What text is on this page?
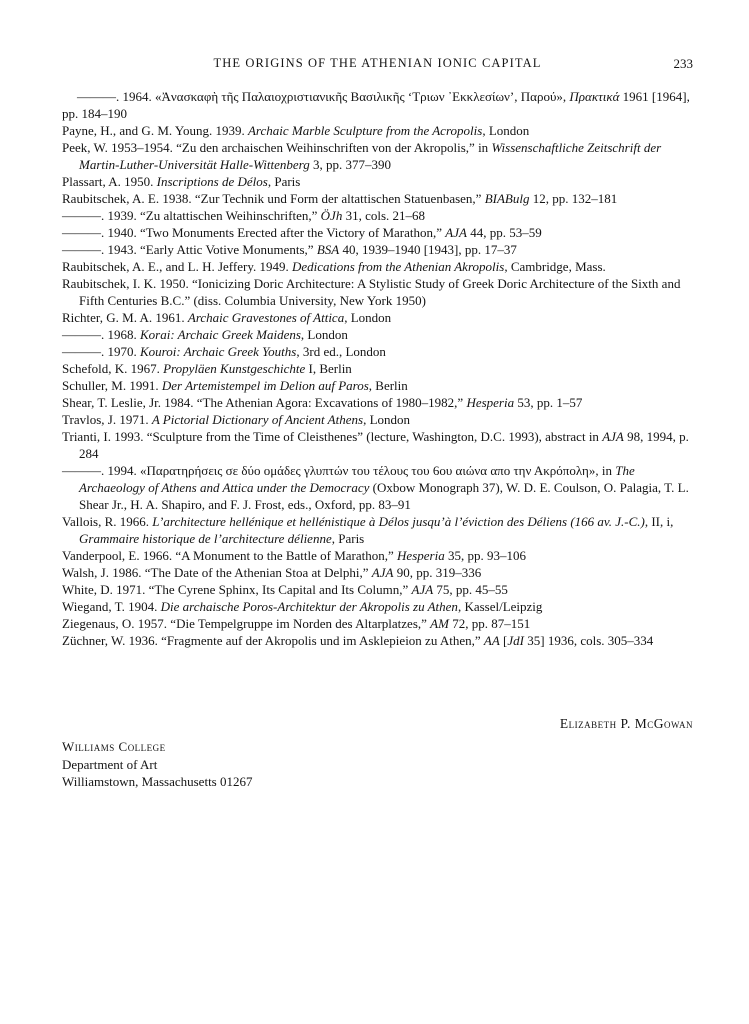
THE ORIGINS OF THE ATHENIAN IONIC CAPITAL	233

———. 1964. «Ἀνασκαφὴ τῆς Παλαιοχριστιανικῆς Βασιλικῆς ‘Τριων ᾽Εκκλεσίων’, Παρού», Πρακτικά 1961 [1964], pp. 184–190

Payne, H., and G. M. Young. 1939. Archaic Marble Sculpture from the Acropolis, London

Peek, W. 1953–1954. “Zu den archaischen Weihinschriften von der Akropolis,” in Wissenschaftliche Zeitschrift der Martin-Luther-Universität Halle-Wittenberg 3, pp. 377–390

Plassart, A. 1950. Inscriptions de Délos, Paris

Raubitschek, A. E. 1938. “Zur Technik und Form der altattischen Statuenbasen,” BIABulg 12, pp. 132–181

———. 1939. “Zu altattischen Weihinschriften,” ÖJh 31, cols. 21–68

———. 1940. “Two Monuments Erected after the Victory of Marathon,” AJA 44, pp. 53–59

———. 1943. “Early Attic Votive Monuments,” BSA 40, 1939–1940 [1943], pp. 17–37

Raubitschek, A. E., and L. H. Jeffery. 1949. Dedications from the Athenian Akropolis, Cambridge, Mass.

Raubitschek, I. K. 1950. “Ionicizing Doric Architecture: A Stylistic Study of Greek Doric Architecture of the Sixth and Fifth Centuries B.C.” (diss. Columbia University, New York 1950)

Richter, G. M. A. 1961. Archaic Gravestones of Attica, London

———. 1968. Korai: Archaic Greek Maidens, London

———. 1970. Kouroi: Archaic Greek Youths, 3rd ed., London

Schefold, K. 1967. Propyläen Kunstgeschichte I, Berlin

Schuller, M. 1991. Der Artemistempel im Delion auf Paros, Berlin

Shear, T. Leslie, Jr. 1984. “The Athenian Agora: Excavations of 1980–1982,” Hesperia 53, pp. 1–57

Travlos, J. 1971. A Pictorial Dictionary of Ancient Athens, London

Trianti, I. 1993. “Sculpture from the Time of Cleisthenes” (lecture, Washington, D.C. 1993), abstract in AJA 98, 1994, p. 284

———. 1994. «Παρατηρήσεις σε δύο ομάδες γλυπτών του τέλους του 6ου αιώνα απο την Ακρόπολη», in The Archaeology of Athens and Attica under the Democracy (Oxbow Monograph 37), W. D. E. Coulson, O. Palagia, T. L. Shear Jr., H. A. Shapiro, and F. J. Frost, eds., Oxford, pp. 83–91

Vallois, R. 1966. L’architecture hellénique et hellénistique à Délos jusqu’à l’éviction des Déliens (166 av. J.-C.), II, i, Grammaire historique de l’architecture délienne, Paris

Vanderpool, E. 1966. “A Monument to the Battle of Marathon,” Hesperia 35, pp. 93–106

Walsh, J. 1986. “The Date of the Athenian Stoa at Delphi,” AJA 90, pp. 319–336

White, D. 1971. “The Cyrene Sphinx, Its Capital and Its Column,” AJA 75, pp. 45–55

Wiegand, T. 1904. Die archaische Poros-Architektur der Akropolis zu Athen, Kassel/Leipzig

Ziegenaus, O. 1957. “Die Tempelgruppe im Norden des Altarplatzes,” AM 72, pp. 87–151

Züchner, W. 1936. “Fragmente auf der Akropolis und im Asklepieion zu Athen,” AA [JdI 35] 1936, cols. 305–334

Elizabeth P. McGowan
Williams College
Department of Art
Williamstown, Massachusetts 01267
